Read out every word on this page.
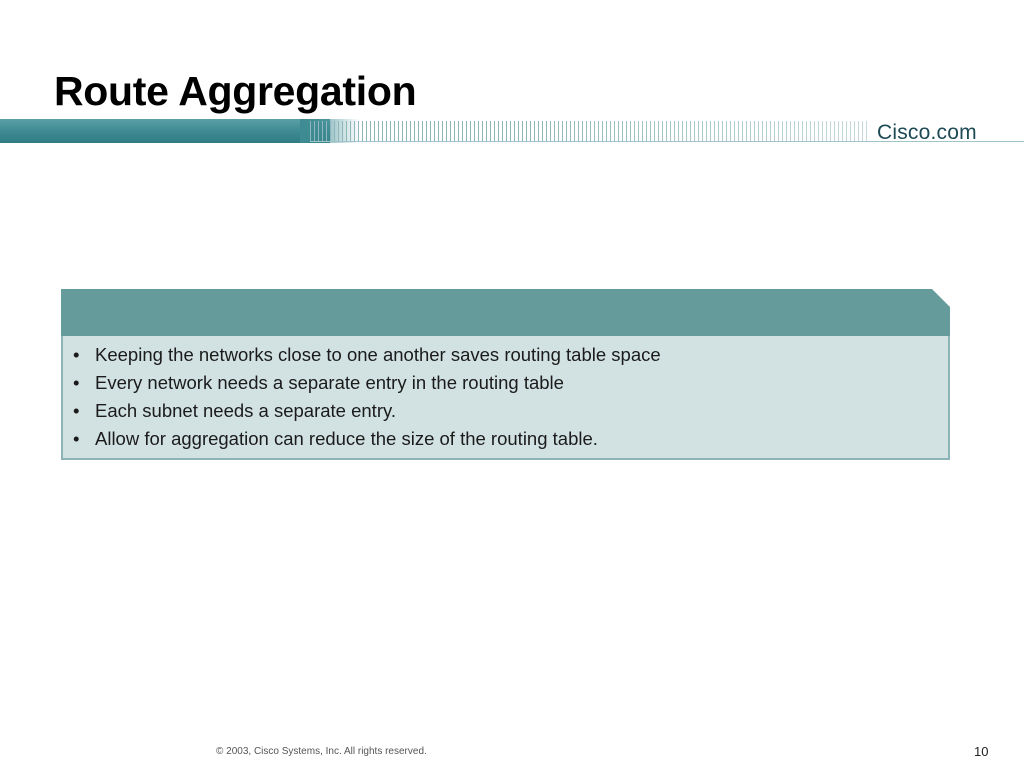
Route Aggregation
Cisco.com
• Keeping the networks close to one another saves routing table space
• Every network needs a separate entry in the routing table
• Each subnet needs a separate entry.
• Allow for aggregation can reduce the size of the routing table.
© 2003, Cisco Systems, Inc. All rights reserved.	10
